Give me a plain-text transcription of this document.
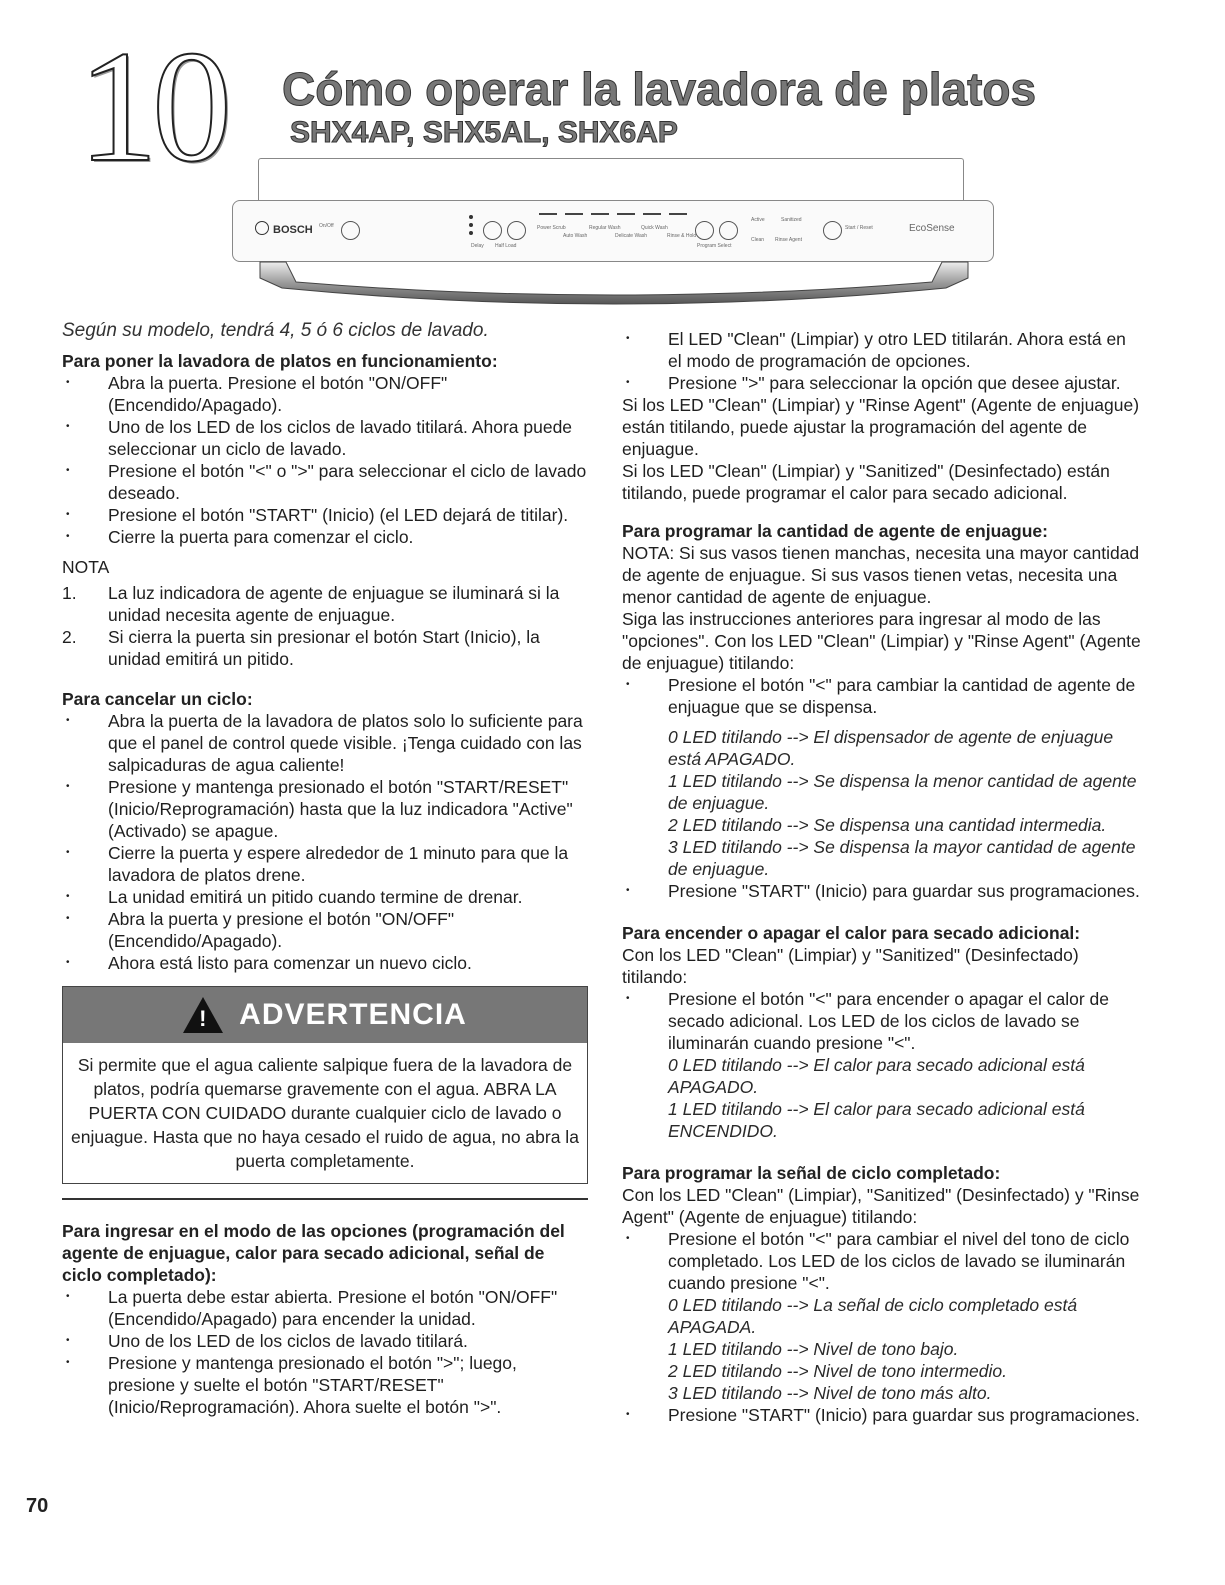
10 Cómo operar la lavadora de platos
SHX4AP, SHX5AL, SHX6AP
BOSCH On/Off
Delay Half Load
Power Scrub
Auto Wash
Regular Wash
Delicate Wash
Quick Wash
Rinse & Hold
Program Select
Active	Sanitized
Clean Rinse Agent
Start / Reset	EcoSense

Según su modelo, tendrá 4, 5 ó 6 ciclos de lavado.

Para poner la lavadora de platos en funcionamiento:

• Abra la puerta. Presione el botón "ON/OFF" (Encendido/Apagado).
• Uno de los LED de los ciclos de lavado titilará. Ahora puede seleccionar un ciclo de lavado.
• Presione el botón "<" o ">" para seleccionar el ciclo de lavado deseado.
• Presione el botón "START" (Inicio) (el LED dejará de titilar).
• Cierre la puerta para comenzar el ciclo.

NOTA

1. La luz indicadora de agente de enjuague se iluminará si la unidad necesita agente de enjuague.
2. Si cierra la puerta sin presionar el botón Start (Inicio), la unidad emitirá un pitido.

Para cancelar un ciclo:

• Abra la puerta de la lavadora de platos solo lo suficiente para que el panel de control quede visible. ¡Tenga cuidado con las salpicaduras de agua caliente!
• Presione y mantenga presionado el botón "START/RESET" (Inicio/Reprogramación) hasta que la luz indicadora "Active" (Activado) se apague.
• Cierre la puerta y espere alrededor de 1 minuto para que la lavadora de platos drene.
• La unidad emitirá un pitido cuando termine de drenar.
• Abra la puerta y presione el botón "ON/OFF" (Encendido/Apagado).
• Ahora está listo para comenzar un nuevo ciclo.
! ADVERTENCIA
Si permite que el agua caliente salpique fuera de la lavadora de platos, podría quemarse gravemente con el agua. ABRA LA PUERTA CON CUIDADO durante cualquier ciclo de lavado o enjuague. Hasta que no haya cesado el ruido de agua, no abra la puerta completamente.

Para ingresar en el modo de las opciones (programación del agente de enjuague, calor para secado adicional, señal de ciclo completado):

• La puerta debe estar abierta. Presione el botón "ON/OFF" (Encendido/Apagado) para encender la unidad.
• Uno de los LED de los ciclos de lavado titilará.
• Presione y mantenga presionado el botón ">"; luego, presione y suelte el botón "START/RESET" (Inicio/Reprogramación). Ahora suelte el botón ">".
• El LED "Clean" (Limpiar) y otro LED titilarán. Ahora está en el modo de programación de opciones.
• Presione ">" para seleccionar la opción que desee ajustar.

Si los LED "Clean" (Limpiar) y "Rinse Agent" (Agente de enjuague) están titilando, puede ajustar la programación del agente de enjuague.

Si los LED "Clean" (Limpiar) y "Sanitized" (Desinfectado) están titilando, puede programar el calor para secado adicional.

Para programar la cantidad de agente de enjuague:

NOTA: Si sus vasos tienen manchas, necesita una mayor cantidad de agente de enjuague. Si sus vasos tienen vetas, necesita una menor cantidad de agente de enjuague.

Siga las instrucciones anteriores para ingresar al modo de las "opciones". Con los LED "Clean" (Limpiar) y "Rinse Agent" (Agente de enjuague) titilando:

• Presione el botón "<" para cambiar la cantidad de agente de enjuague que se dispensa.

0 LED titilando --> El dispensador de agente de enjuague está APAGADO.

1 LED titilando --> Se dispensa la menor cantidad de agente de enjuague.

2 LED titilando --> Se dispensa una cantidad intermedia.

3 LED titilando --> Se dispensa la mayor cantidad de agente de enjuague.

• Presione "START" (Inicio) para guardar sus programaciones.

Para encender o apagar el calor para secado adicional:

Con los LED "Clean" (Limpiar) y "Sanitized" (Desinfectado) titilando:

• Presione el botón "<" para encender o apagar el calor de secado adicional. Los LED de los ciclos de lavado se iluminarán cuando presione "<".

0 LED titilando --> El calor para secado adicional está APAGADO.

1 LED titilando --> El calor para secado adicional está ENCENDIDO.

Para programar la señal de ciclo completado:

Con los LED "Clean" (Limpiar), "Sanitized" (Desinfectado) y "Rinse Agent" (Agente de enjuague) titilando:

• Presione el botón "<" para cambiar el nivel del tono de ciclo completado. Los LED de los ciclos de lavado se iluminarán cuando presione "<".

0 LED titilando --> La señal de ciclo completado está APAGADA.

1 LED titilando --> Nivel de tono bajo.

2 LED titilando --> Nivel de tono intermedio.

3 LED titilando --> Nivel de tono más alto.

• Presione "START" (Inicio) para guardar sus programaciones.
70
